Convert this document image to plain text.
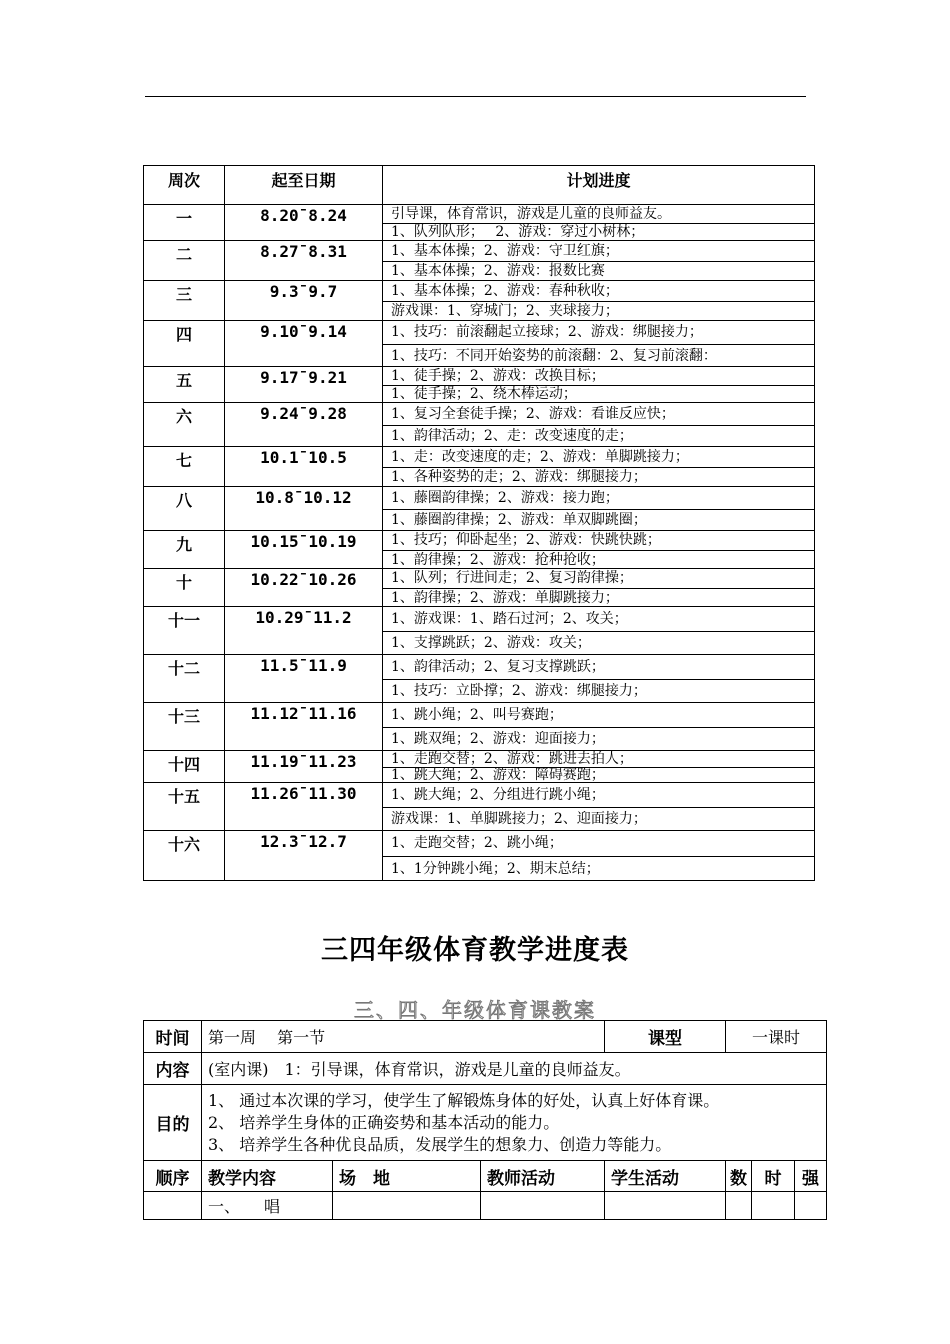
周次	起至日期	计划进度
一	8.20¯8.24	引导课，体育常识，游戏是儿童的良师益友。
1、队列队形；　 2、游戏：穿过小树林；

二	8.27¯8.31	1、基本体操；2、游戏：守卫红旗；
1、基本体操；2、游戏：报数比赛

三	9.3¯9.7	1、基本体操；2、游戏：春种秋收；
游戏课：1、穿城门；2、夹球接力；

四	9.10¯9.14	1、技巧：前滚翻起立接球；2、游戏：绑腿接力；
1、技巧：不同开始姿势的前滚翻：2、复习前滚翻：

五	9.17¯9.21	1、徒手操；2、游戏：改换目标；
1、徒手操；2、绕木棒运动；

六	9.24¯9.28	1、复习全套徒手操；2、游戏：看谁反应快；
1、韵律活动；2、走：改变速度的走；

七	10.1¯10.5	1、走：改变速度的走；2、游戏：单脚跳接力；
1、各种姿势的走；2、游戏：绑腿接力；

八	10.8¯10.12	1、藤圈韵律操；2、游戏：接力跑；
1、藤圈韵律操；2、游戏：单双脚跳圈；

九	10.15¯10.19	1、技巧；仰卧起坐；2、游戏：快跳快跳；
1、韵律操；2、游戏：抢种抢收；

十	10.22¯10.26	1、队列；行进间走；2、复习韵律操；
1、韵律操；2、游戏：单脚跳接力；

十一	10.29¯11.2	1、游戏课：1、踏石过河；2、攻关；
1、支撑跳跃；2、游戏：攻关；

十二	11.5¯11.9	1、韵律活动；2、复习支撑跳跃；
1、技巧：立卧撑；2、游戏：绑腿接力；

十三	11.12¯11.16	1、跳小绳；2、叫号赛跑；
1、跳双绳；2、游戏：迎面接力；

十四	11.19¯11.23	1、走跑交替；2、游戏：跳进去拍人；
1、跳大绳；2、游戏：障碍赛跑；

十五	11.26¯11.30	1、跳大绳；2、分组进行跳小绳；
游戏课：1、单脚跳接力；2、迎面接力；

十六	12.3¯12.7	1、走跑交替；2、跳小绳；
1、1分钟跳小绳；2、期末总结；
三四年级体育教学进度表
三、四、年级体育课教案
时间	第一周　 第一节			课型	一课时		
内容	(室内课)　1：引导课，体育常识，游戏是儿童的良师益友。						
目的	1、 通过本次课的学习，使学生了解锻炼身体的好处，认真上好体育课。
2、 培养学生身体的正确姿势和基本活动的能力。
3、 培养学生各种优良品质，发展学生的想象力、创造力等能力。						

顺序	教学内容	场　地	教师活动	学生活动	数	时	强
	一、　　唱						
